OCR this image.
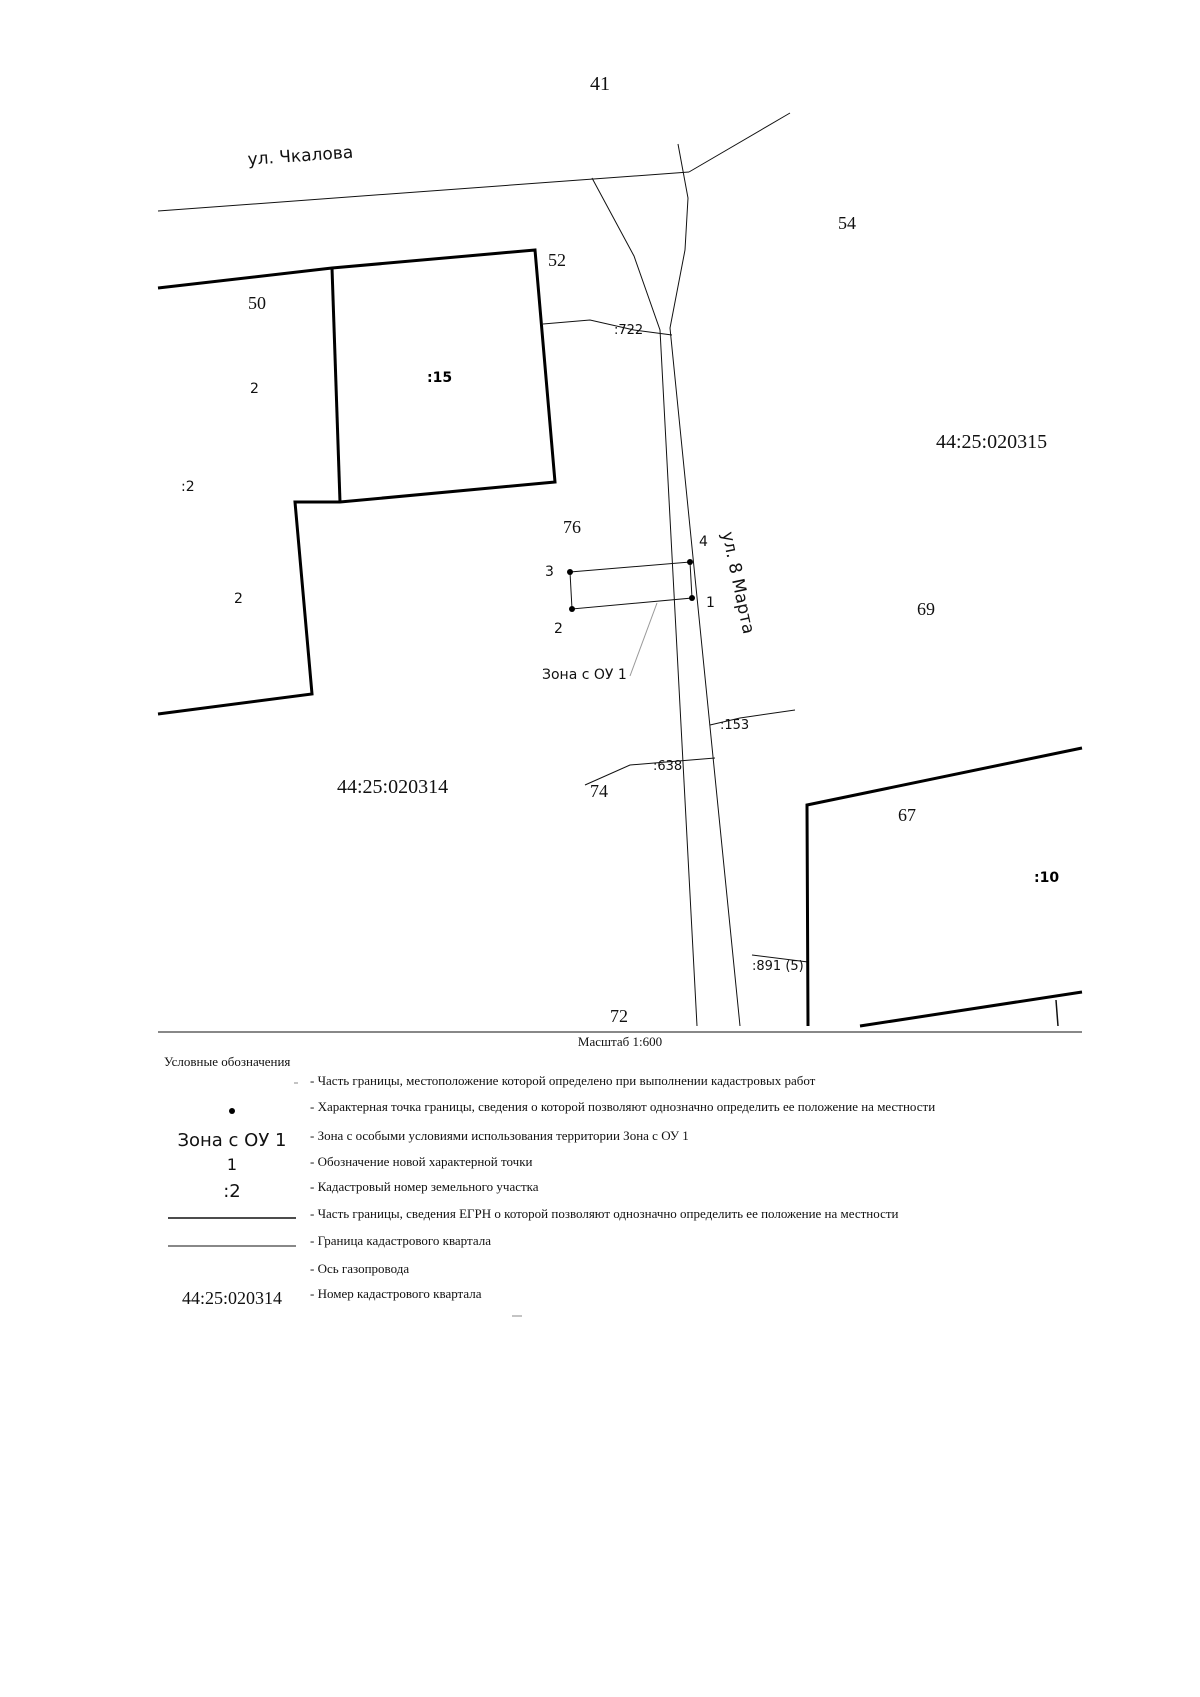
41
ул. Чкалова
ул. 8 Марта
44:25:020315
44:25:020314
50
52
54
76
69
74
67
72
:15
:2
:722
:153
:638
:10
:891 (5)
2
2
4
1
3
2
Зона с ОУ 1
Масштаб 1:600
Условные обозначения
- Часть границы, местоположение которой определено при выполнении кадастровых работ
- Характерная точка границы, сведения о которой позволяют однозначно определить ее положение на местности
Зона с ОУ 1 - Зона с особыми условиями использования территории Зона с ОУ 1
1	- Обозначение новой характерной точки
:2	- Кадастровый номер земельного участка
- Часть границы, сведения ЕГРН о которой позволяют однозначно определить ее положение на местности
- Граница кадастрового квартала
- Ось газопровода
44:25:020314 - Номер кадастрового квартала
